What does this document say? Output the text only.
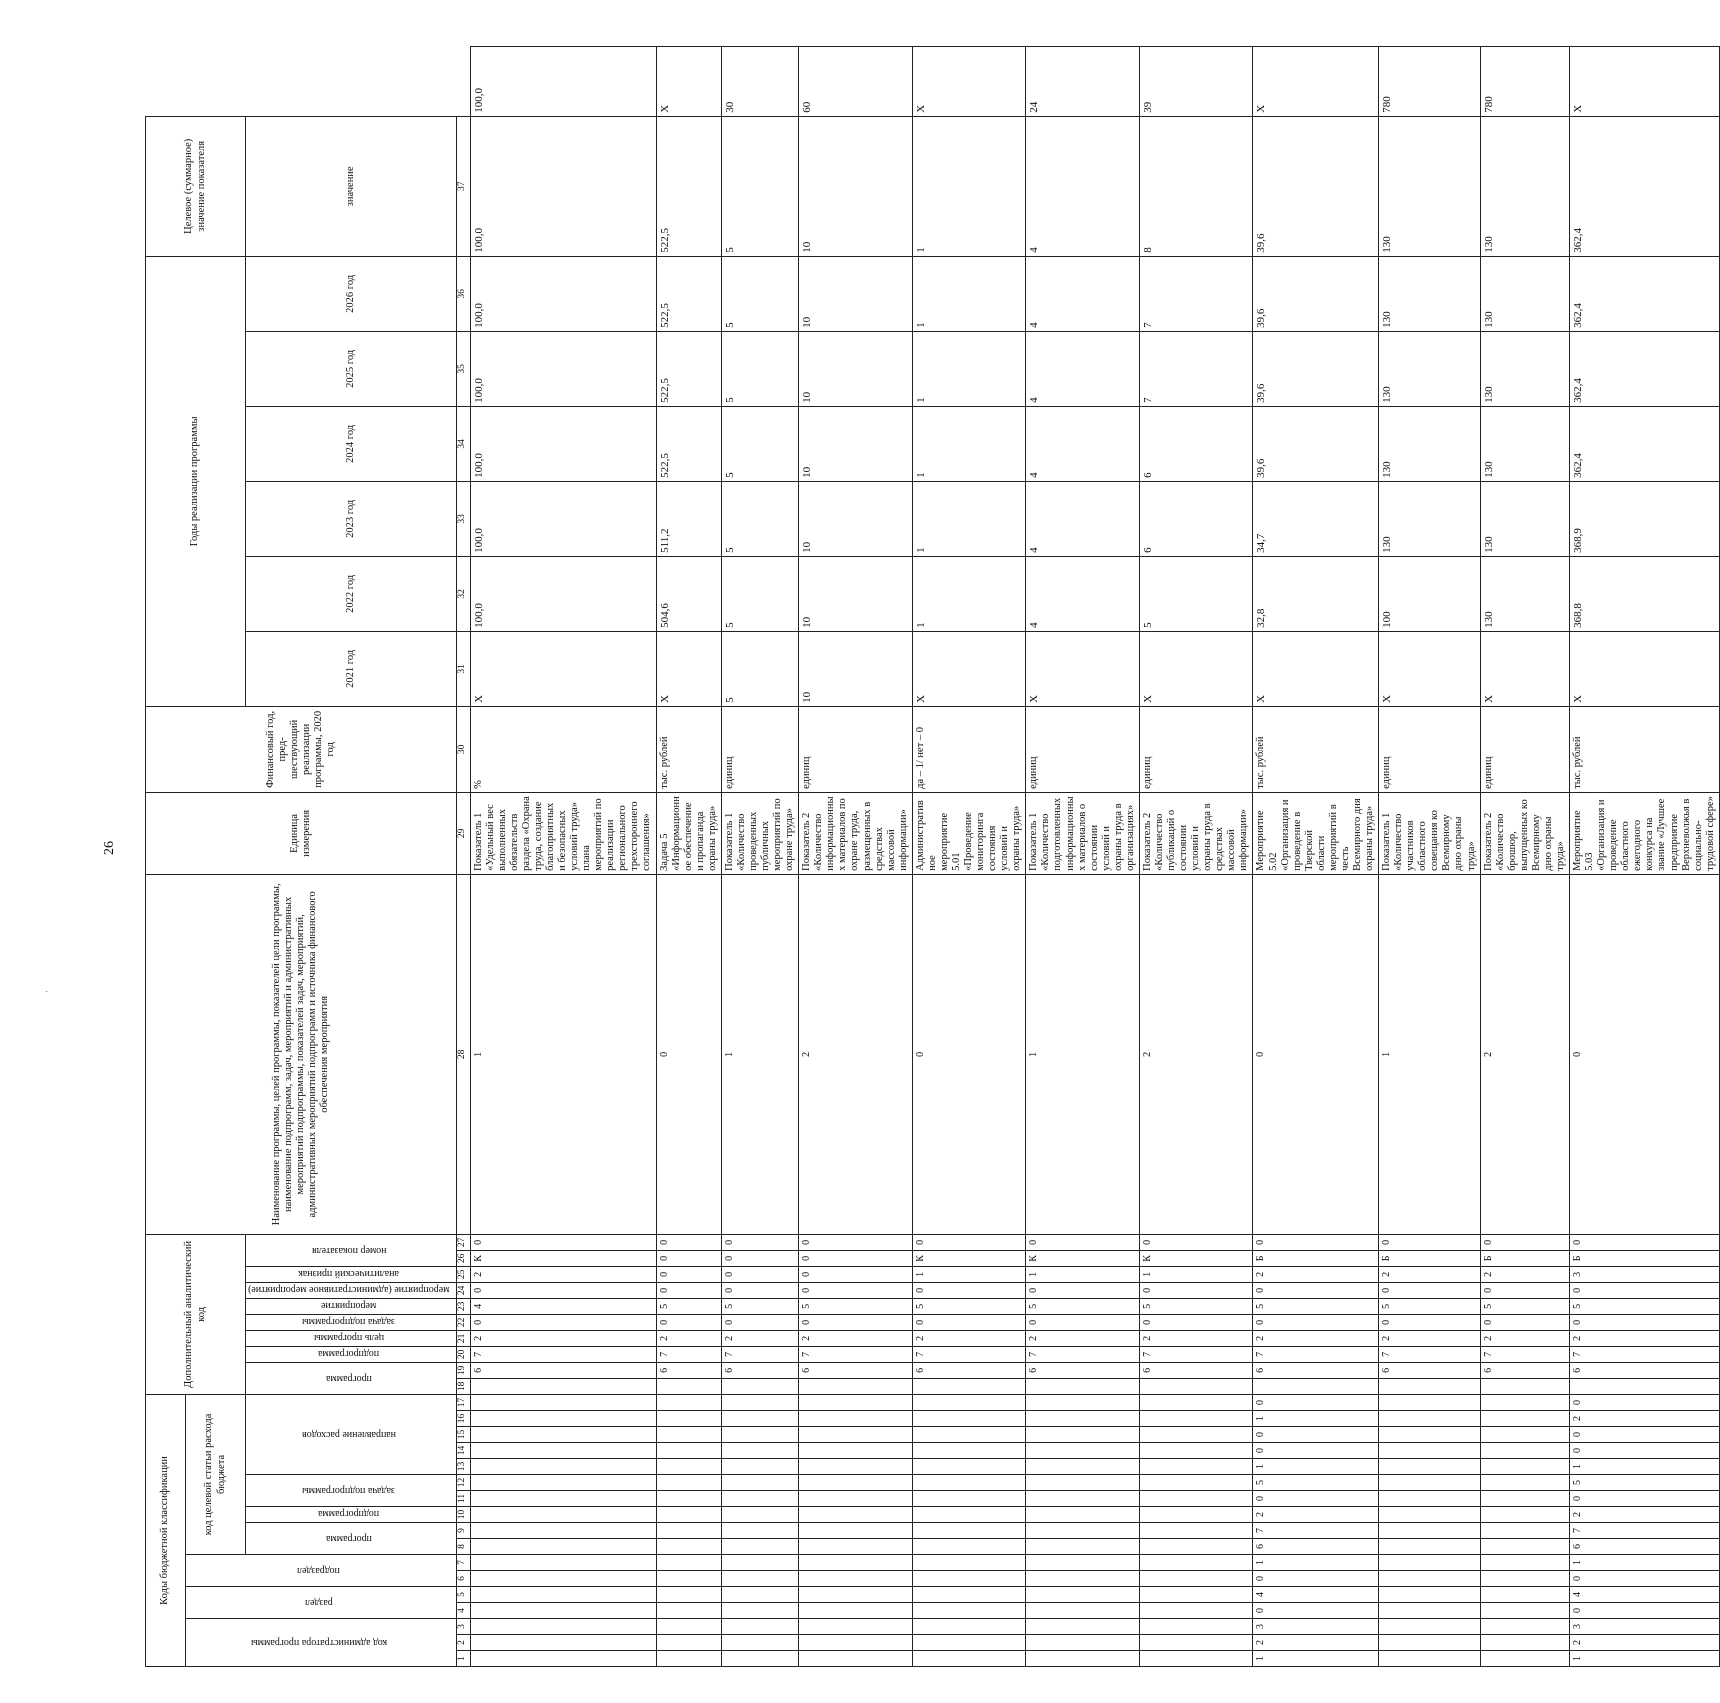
26
˙
Коды бюджетной классификации																	Дополнительный аналитический код										Наименование программы, целей программы, показателей цели программы, наименование подпрограмм, задач, мероприятий и административных мероприятий подпрограммы, показателей задач, мероприятий, административных мероприятий подпрограмм и источника финансового обеспечения мероприятия	Единица измерения	Финансовый год, пред-шествующий реализации программы, 2020 год	Годы реализации программы						Целевое (суммарное) значение показателя	
код администратора программы			раздел		подраздел		код целевой статьи расхода бюджета																														
							программа		подпрограмма	задача подпрограммы		направление расходов					программа		подпрограмма	цель программы	задача подпрограммы	мероприятие	мероприятие (административное мероприятие)	аналитический признак	номер показателя					2021 год	2022 год	2023 год	2024 год	2025 год	2026 год	значение	
1	2	3	4	5	6	7	8	9	10	11	12	13	14	15	16	17	18	19	20	21	22	23	24	25	26	27	28	29	30	31	32	33	34	35	36	37	
																		6	7	2	0	4	0	2	К	0	1	Показатель 1 «Удельный вес выполненных обязательств раздела «Охрана труда, создание благоприятных и безопасных условий труда» плана мероприятий по реализации регионального трехстороннего соглашения»	%	Х	100,0	100,0	100,0	100,0	100,0	100,0	100,0
																		6	7	2	0	5	0	0	0	0	0	Задача 5 «Информационное обеспечение и пропаганда охраны труда»	тыс. рублей	Х	504,6	511,2	522,5	522,5	522,5	522,5	Х
																		6	7	2	0	5	0	0	0	0	1	Показатель 1 «Количество проведенных публичных мероприятий по охране труда»	единиц	5	5	5	5	5	5	5	30
																		6	7	2	0	5	0	0	0	0	2	Показатель 2 «Количество информационных материалов по охране труда, размещенных в средствах массовой информации»	единиц	10	10	10	10	10	10	10	60
																		6	7	2	0	5	0	1	К	0	0	Административное мероприятие 5.01 «Проведение мониторинга состояния условий и охраны труда»	да – 1/ нет – 0	Х	1	1	1	1	1	1	Х
																		6	7	2	0	5	0	1	К	0	1	Показатель 1 «Количество подготовленных информационных материалов о состоянии условий и охраны труда в организациях»	единиц	Х	4	4	4	4	4	4	24
																		6	7	2	0	5	0	1	К	0	2	Показатель 2 «Количество публикаций о состоянии условий и охраны труда в средствах массовой информации»	единиц	Х	5	6	6	7	7	8	39
1	2	3	0	4	0	1	6	7	2	0	5	1	0	0	1	0		6	7	2	0	5	0	2	Б	0	0	Мероприятие 5.02 «Организация и проведение в Тверской области мероприятий в честь Всемирного дня охраны труда»	тыс. рублей	Х	32,8	34,7	39,6	39,6	39,6	39,6	Х
																		6	7	2	0	5	0	2	Б	0	1	Показатель 1 «Количество участников областного совещания ко Всемирному дню охраны труда»	единиц	Х	100	130	130	130	130	130	780
																		6	7	2	0	5	0	2	Б	0	2	Показатель 2 «Количество брошюр, выпущенных ко Всемирному дню охраны труда»	единиц	Х	130	130	130	130	130	130	780
1	2	3	0	4	0	1	6	7	2	0	5	1	0	0	2	0		6	7	2	0	5	0	3	Б	0	0	Мероприятие 5.03 «Организация и проведение областного ежегодного конкурса на звание «Лучшее предприятие Верхневолжья в социально-трудовой сфере»	тыс. рублей	Х	368,8	368,9	362,4	362,4	362,4	362,4	Х
